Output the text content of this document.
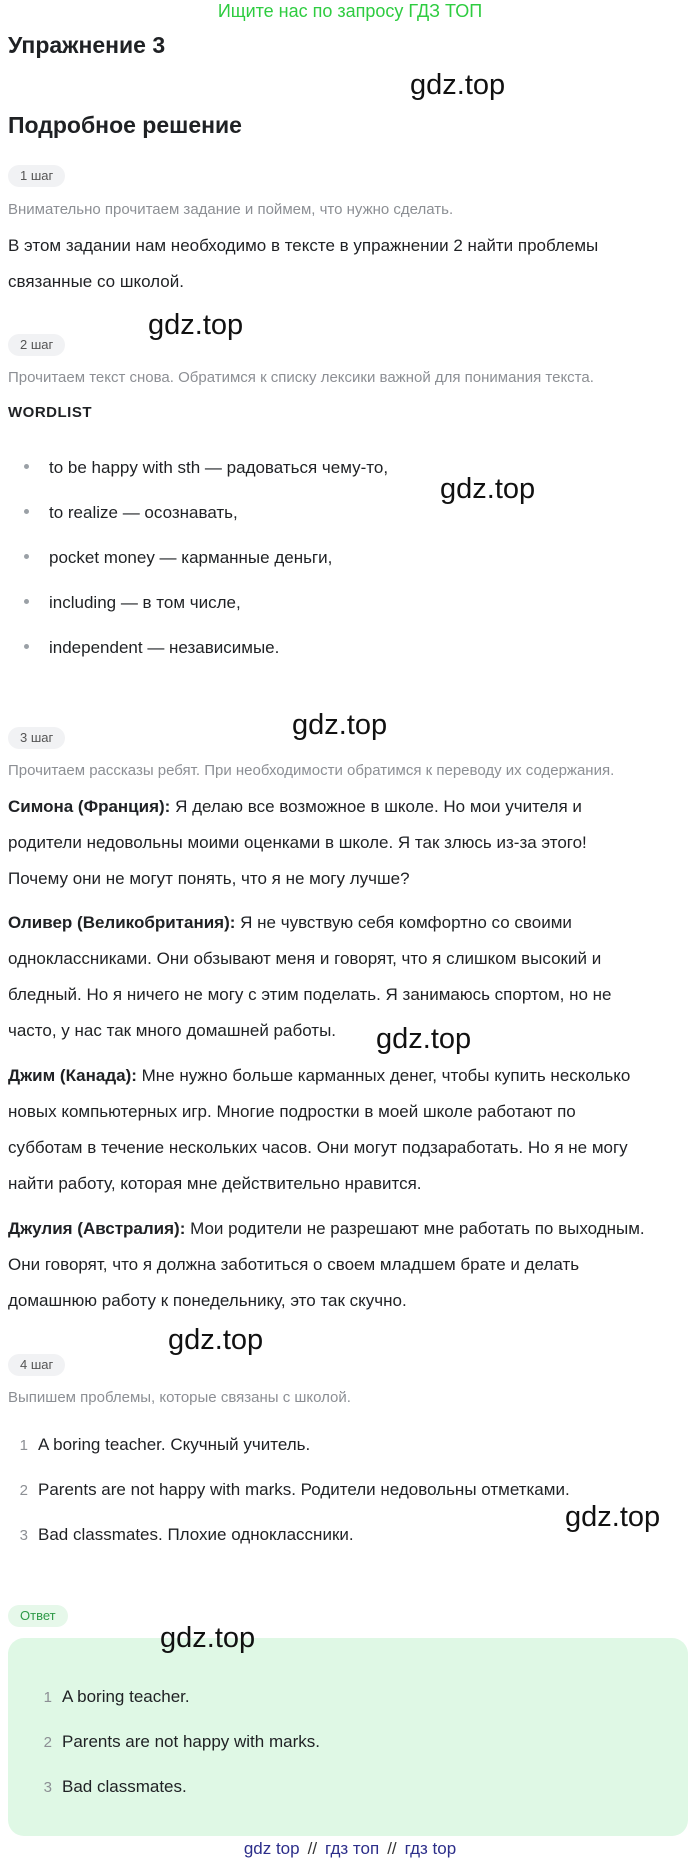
Ищите нас по запросу ГДЗ ТОП
Упражнение 3
gdz.top
Подробное решение
1 шаг
Внимательно прочитаем задание и поймем, что нужно сделать.
В этом задании нам необходимо в тексте в упражнении 2 найти проблемы
связанные со школой.
gdz.top
2 шаг
Прочитаем текст снова. Обратимся к списку лексики важной для понимания текста.
WORDLIST
to be happy with sth — радоваться чему-то,
to realize — осознавать,
pocket money — карманные деньги,
including — в том числе,
independent — независимые.
gdz.top
gdz.top
3 шаг
Прочитаем рассказы ребят. При необходимости обратимся к переводу их содержания.
Симона (Франция): Я делаю все возможное в школе. Но мои учителя и
родители недовольны моими оценками в школе. Я так злюсь из-за этого!
Почему они не могут понять, что я не могу лучше?
Оливер (Великобритания): Я не чувствую себя комфортно со своими
одноклассниками. Они обзывают меня и говорят, что я слишком высокий и
бледный. Но я ничего не могу с этим поделать. Я занимаюсь спортом, но не
часто, у нас так много домашней работы.	gdz.top
Джим (Канада): Мне нужно больше карманных денег, чтобы купить несколько
новых компьютерных игр. Многие подростки в моей школе работают по
субботам в течение нескольких часов. Они могут подзаработать. Но я не могу
найти работу, которая мне действительно нравится.
Джулия (Австралия): Мои родители не разрешают мне работать по выходным.
Они говорят, что я должна заботиться о своем младшем брате и делать
домашнюю работу к понедельнику, это так скучно.
gdz.top
4 шаг
Выпишем проблемы, которые связаны с школой.
1 A boring teacher. Скучный учитель.
2 Parents are not happy with marks. Родители недовольны отметками.
3 Bad classmates. Плохие одноклассники.
gdz.top
Ответ
1 A boring teacher.
2 Parents are not happy with marks.
3 Bad classmates.
gdz.top
gdz top // гдз топ // гдз top
